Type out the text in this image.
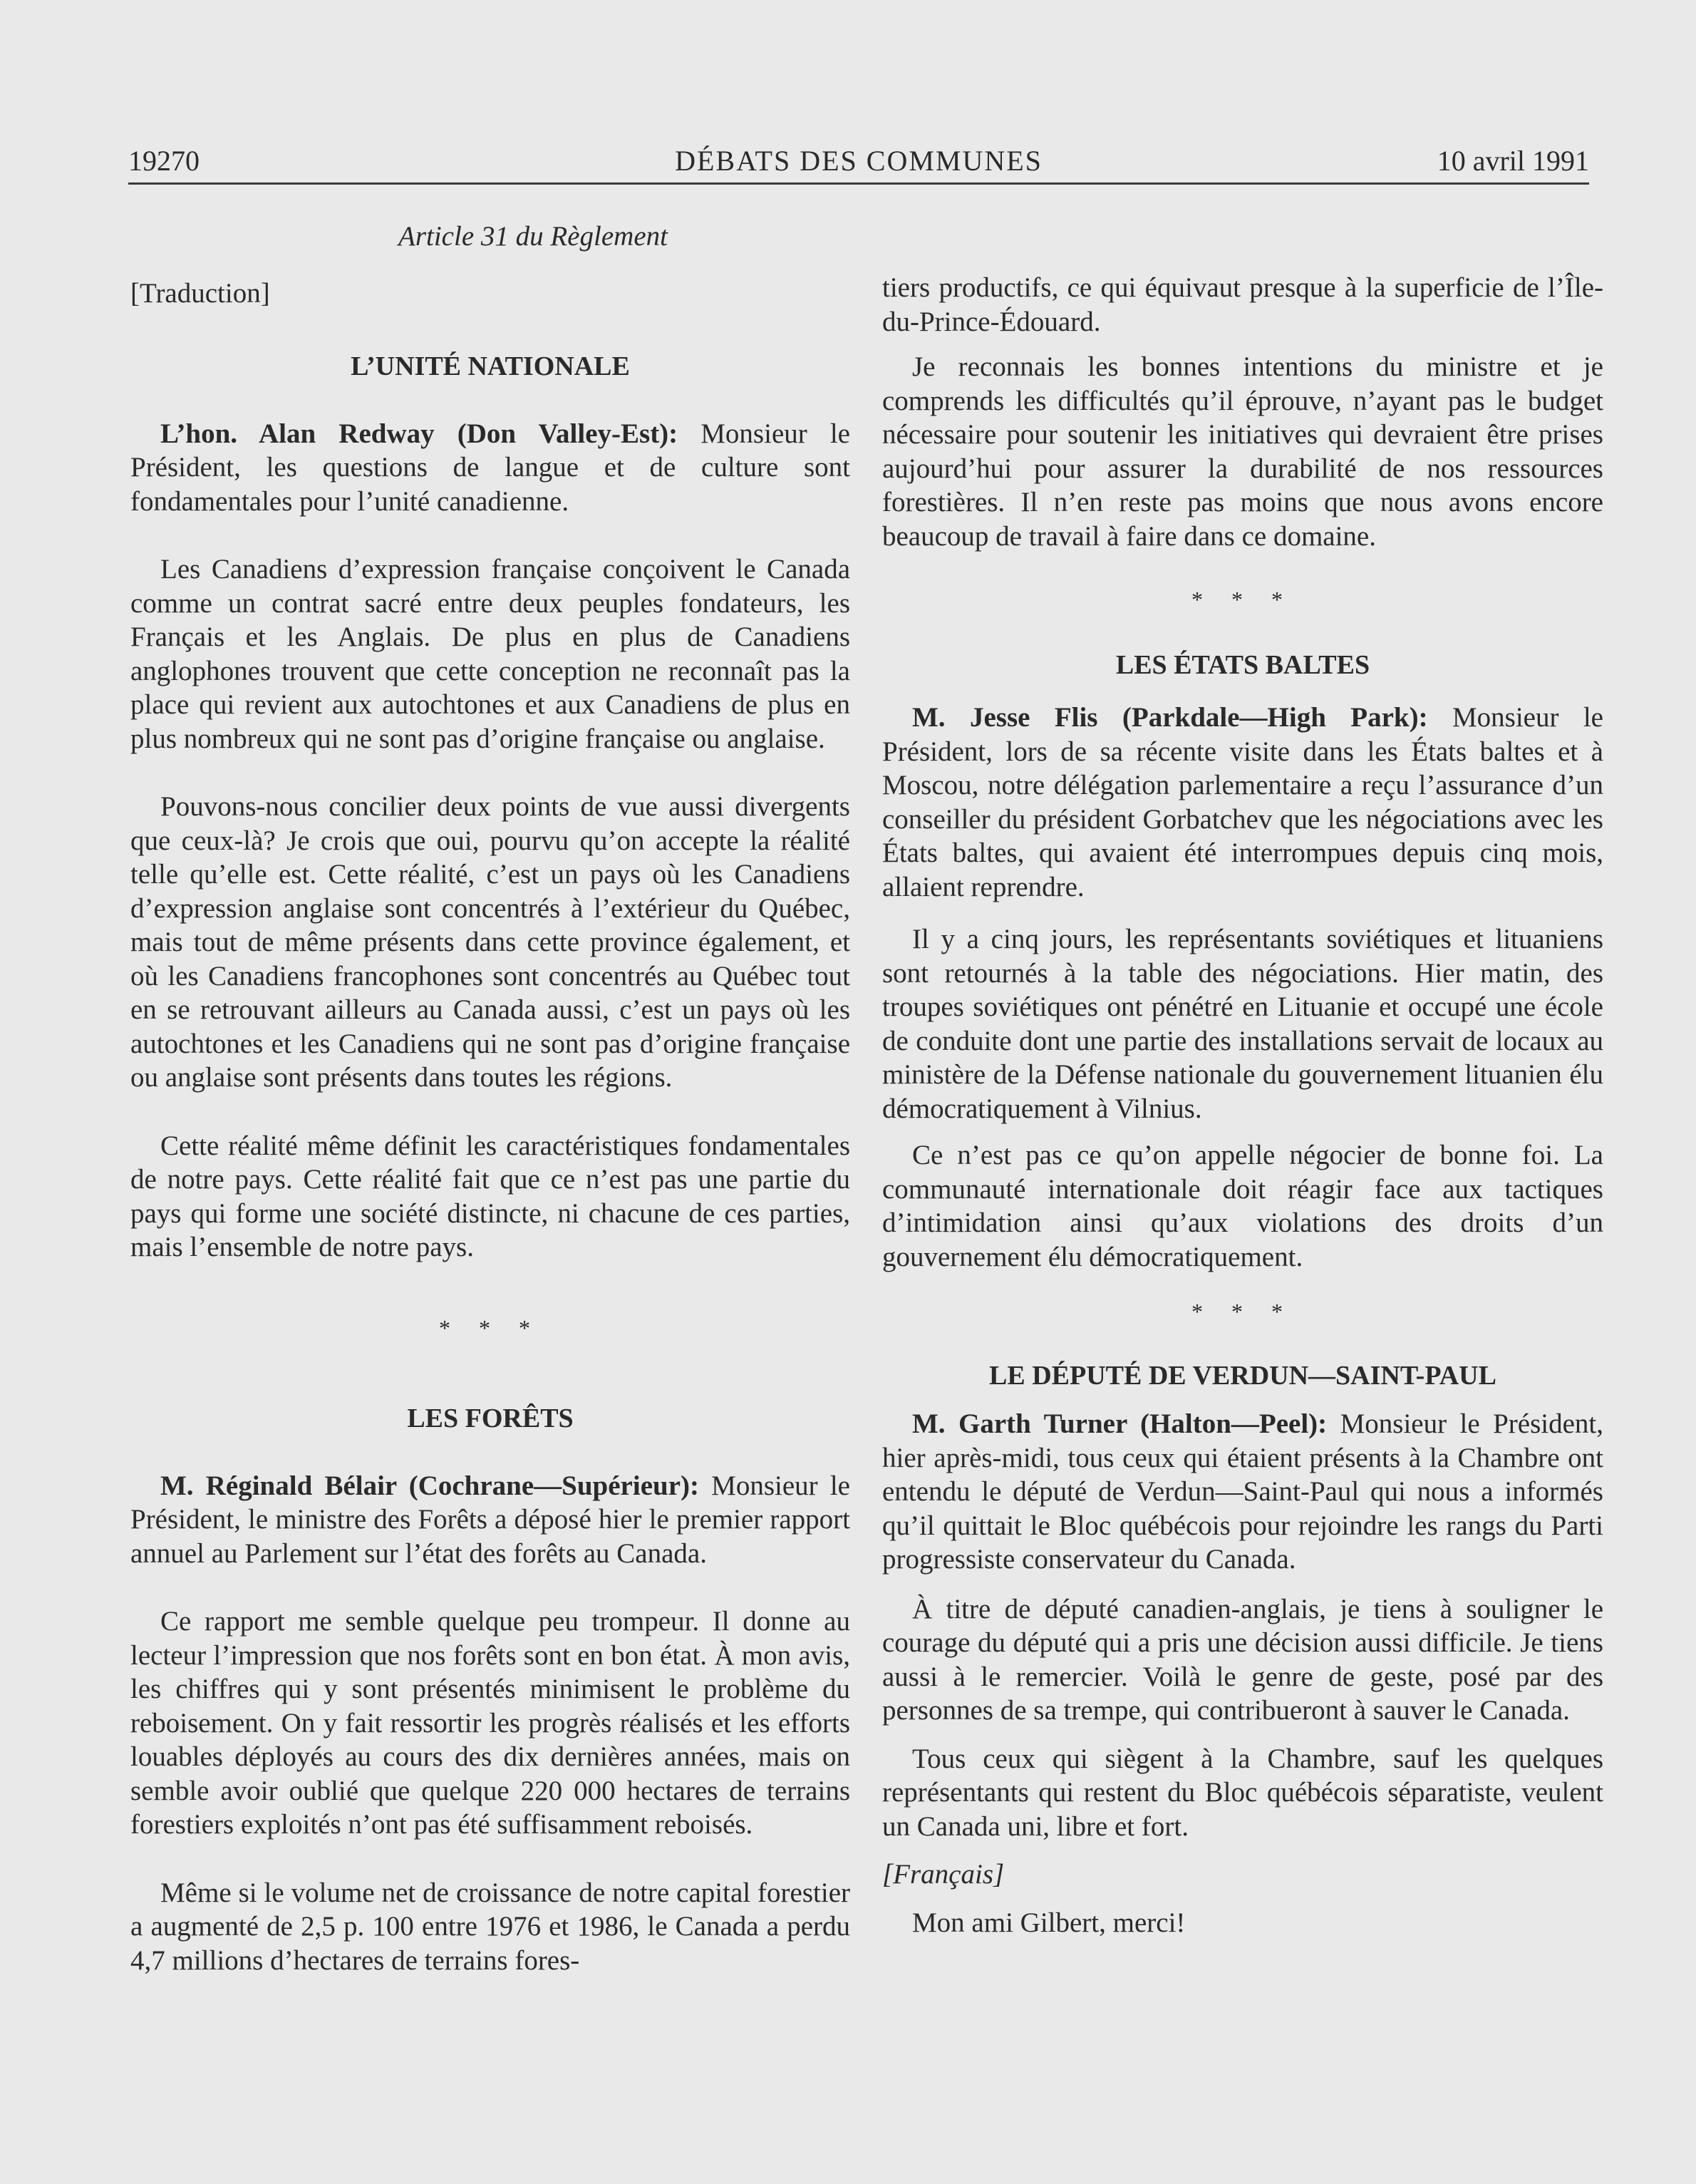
19270	DÉBATS DES COMMUNES	10 avril 1991

Article 31 du Règlement

[Traduction]

L’UNITÉ NATIONALE

L’hon. Alan Redway (Don Valley-Est): Monsieur le Président, les questions de langue et de culture sont fondamentales pour l’unité canadienne.

Les Canadiens d’expression française conçoivent le Canada comme un contrat sacré entre deux peuples fondateurs, les Français et les Anglais. De plus en plus de Canadiens anglophones trouvent que cette conception ne reconnaît pas la place qui revient aux autochtones et aux Canadiens de plus en plus nombreux qui ne sont pas d’origine française ou anglaise.

Pouvons-nous concilier deux points de vue aussi divergents que ceux-là? Je crois que oui, pourvu qu’on accepte la réalité telle qu’elle est. Cette réalité, c’est un pays où les Canadiens d’expression anglaise sont concentrés à l’extérieur du Québec, mais tout de même présents dans cette province également, et où les Canadiens francophones sont concentrés au Québec tout en se retrouvant ailleurs au Canada aussi, c’est un pays où les autochtones et les Canadiens qui ne sont pas d’origine française ou anglaise sont présents dans toutes les régions.

Cette réalité même définit les caractéristiques fondamentales de notre pays. Cette réalité fait que ce n’est pas une partie du pays qui forme une société distincte, ni chacune de ces parties, mais l’ensemble de notre pays.

* * *

LES FORÊTS

M. Réginald Bélair (Cochrane—Supérieur): Monsieur le Président, le ministre des Forêts a déposé hier le premier rapport annuel au Parlement sur l’état des forêts au Canada.

Ce rapport me semble quelque peu trompeur. Il donne au lecteur l’impression que nos forêts sont en bon état. À mon avis, les chiffres qui y sont présentés minimisent le problème du reboisement. On y fait ressortir les progrès réalisés et les efforts louables déployés au cours des dix dernières années, mais on semble avoir oublié que quelque 220 000 hectares de terrains forestiers exploités n’ont pas été suffisamment reboisés.

Même si le volume net de croissance de notre capital forestier a augmenté de 2,5 p. 100 entre 1976 et 1986, le Canada a perdu 4,7 millions d’hectares de terrains fores-

tiers productifs, ce qui équivaut presque à la superficie de l’Île-du-Prince-Édouard.

Je reconnais les bonnes intentions du ministre et je comprends les difficultés qu’il éprouve, n’ayant pas le budget nécessaire pour soutenir les initiatives qui devraient être prises aujourd’hui pour assurer la durabilité de nos ressources forestières. Il n’en reste pas moins que nous avons encore beaucoup de travail à faire dans ce domaine.

* * *

LES ÉTATS BALTES

M. Jesse Flis (Parkdale—High Park): Monsieur le Président, lors de sa récente visite dans les États baltes et à Moscou, notre délégation parlementaire a reçu l’assurance d’un conseiller du président Gorbatchev que les négociations avec les États baltes, qui avaient été interrompues depuis cinq mois, allaient reprendre.

Il y a cinq jours, les représentants soviétiques et lituaniens sont retournés à la table des négociations. Hier matin, des troupes soviétiques ont pénétré en Lituanie et occupé une école de conduite dont une partie des installations servait de locaux au ministère de la Défense nationale du gouvernement lituanien élu démocratiquement à Vilnius.

Ce n’est pas ce qu’on appelle négocier de bonne foi. La communauté internationale doit réagir face aux tactiques d’intimidation ainsi qu’aux violations des droits d’un gouvernement élu démocratiquement.

* * *

LE DÉPUTÉ DE VERDUN—SAINT-PAUL

M. Garth Turner (Halton—Peel): Monsieur le Président, hier après-midi, tous ceux qui étaient présents à la Chambre ont entendu le député de Verdun—Saint-Paul qui nous a informés qu’il quittait le Bloc québécois pour rejoindre les rangs du Parti progressiste conservateur du Canada.

À titre de député canadien-anglais, je tiens à souligner le courage du député qui a pris une décision aussi difficile. Je tiens aussi à le remercier. Voilà le genre de geste, posé par des personnes de sa trempe, qui contribueront à sauver le Canada.

Tous ceux qui siègent à la Chambre, sauf les quelques représentants qui restent du Bloc québécois séparatiste, veulent un Canada uni, libre et fort.

[Français]

Mon ami Gilbert, merci!
